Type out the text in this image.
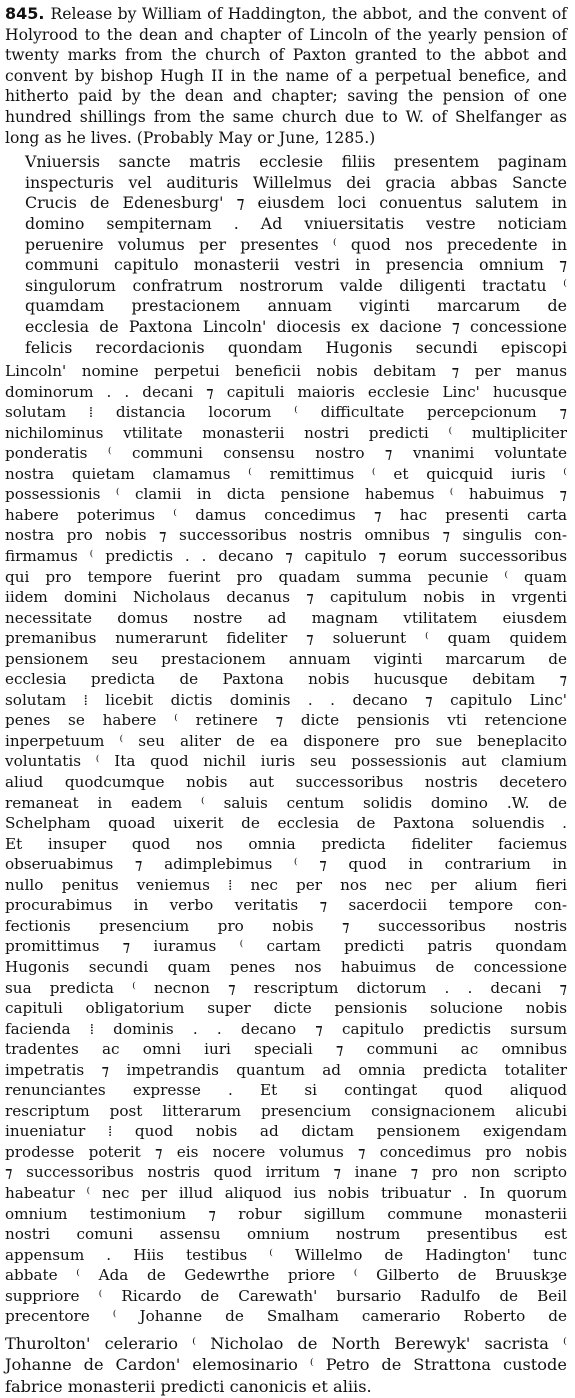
845. Release by William of Haddington, the abbot, and the convent of Holyrood to the dean and chapter of Lincoln of the yearly pension of twenty marks from the church of Paxton granted to the abbot and convent by bishop Hugh II in the name of a perpetual benefice, and hitherto paid by the dean and chapter; saving the pension of one hundred shillings from the same church due to W. of Shelfanger as long as he lives. (Probably May or June, 1285.)

Vniuersis sancte matris ecclesie filiis presentem paginam
inspecturis vel audituris Willelmus dei gracia abbas Sancte
Crucis de Edenesburg' ⁊ eiusdem loci conuentus salutem in
domino sempiternam . Ad vniuersitatis vestre noticiam
peruenire volumus per presentes ⁽ quod nos precedente in
communi capitulo monasterii vestri in presencia omnium ⁊
singulorum confratrum nostrorum valde diligenti tractatu ⁽
quamdam prestacionem annuam viginti marcarum de
ecclesia de Paxtona Lincoln' diocesis ex dacione ⁊ concessione
felicis recordacionis quondam Hugonis secundi episcopi
Lincoln' nomine perpetui beneficii nobis debitam ⁊ per manus
dominorum . . decani ⁊ capituli maioris ecclesie Linc' hucusque
solutam ⁞ distancia locorum ⁽ difficultate percepcionum ⁊
nichilominus vtilitate monasterii nostri predicti ⁽ multipliciter
ponderatis ⁽ communi consensu nostro ⁊ vnanimi voluntate
nostra quietam clamamus ⁽ remittimus ⁽ et quicquid iuris ⁽
possessionis ⁽ clamii in dicta pensione habemus ⁽ habuimus ⁊
habere poterimus ⁽ damus concedimus ⁊ hac presenti carta
nostra pro nobis ⁊ successoribus nostris omnibus ⁊ singulis con-
firmamus ⁽ predictis . . decano ⁊ capitulo ⁊ eorum successoribus
qui pro tempore fuerint pro quadam summa pecunie ⁽ quam
iidem domini Nicholaus decanus ⁊ capitulum nobis in vrgenti
necessitate domus nostre ad magnam vtilitatem eiusdem
premanibus numerarunt fideliter ⁊ soluerunt ⁽ quam quidem
pensionem seu prestacionem annuam viginti marcarum de
ecclesia predicta de Paxtona nobis hucusque debitam ⁊
solutam ⁞ licebit dictis dominis . . decano ⁊ capitulo Linc'
penes se habere ⁽ retinere ⁊ dicte pensionis vti retencione
inperpetuum ⁽ seu aliter de ea disponere pro sue beneplacito
voluntatis ⁽ Ita quod nichil iuris seu possessionis aut clamium
aliud quodcumque nobis aut successoribus nostris decetero
remaneat in eadem ⁽ saluis centum solidis domino .W. de
Schelpham quoad uixerit de ecclesia de Paxtona soluendis .
Et insuper quod nos omnia predicta fideliter faciemus
obseruabimus ⁊ adimplebimus ⁽ ⁊ quod in contrarium in
nullo penitus veniemus ⁞ nec per nos nec per alium fieri
procurabimus in verbo veritatis ⁊ sacerdocii tempore con-
fectionis presencium pro nobis ⁊ successoribus nostris
promittimus ⁊ iuramus ⁽ cartam predicti patris quondam
Hugonis secundi quam penes nos habuimus de concessione
sua predicta ⁽ necnon ⁊ rescriptum dictorum . . decani ⁊
capituli obligatorium super dicte pensionis solucione nobis
facienda ⁞ dominis . . decano ⁊ capitulo predictis sursum
tradentes ac omni iuri speciali ⁊ communi ac omnibus
impetratis ⁊ impetrandis quantum ad omnia predicta totaliter
renunciantes expresse . Et si contingat quod aliquod
rescriptum post litterarum presencium consignacionem alicubi
inueniatur ⁞ quod nobis ad dictam pensionem exigendam
prodesse poterit ⁊ eis nocere volumus ⁊ concedimus pro nobis
⁊ successoribus nostris quod irritum ⁊ inane ⁊ pro non scripto
habeatur ⁽ nec per illud aliquod ius nobis tribuatur . In quorum
omnium testimonium ⁊ robur sigillum commune monasterii
nostri comuni assensu omnium nostrum presentibus est
appensum . Hiis testibus ⁽ Willelmo de Hadington' tunc
abbate ⁽ Ada de Gedewrthe priore ⁽ Gilberto de Bruuskȝe
suppriore ⁽ Ricardo de Carewath' bursario Radulfo de Beil
precentore ⁽ Johanne de Smalham camerario Roberto de
Thurolton' celerario ⁽ Nicholao de North Berewyk' sacrista ⁽
Johanne de Cardon' elemosinario ⁽ Petro de Strattona custode
fabrice monasterii predicti canonicis et aliis.
